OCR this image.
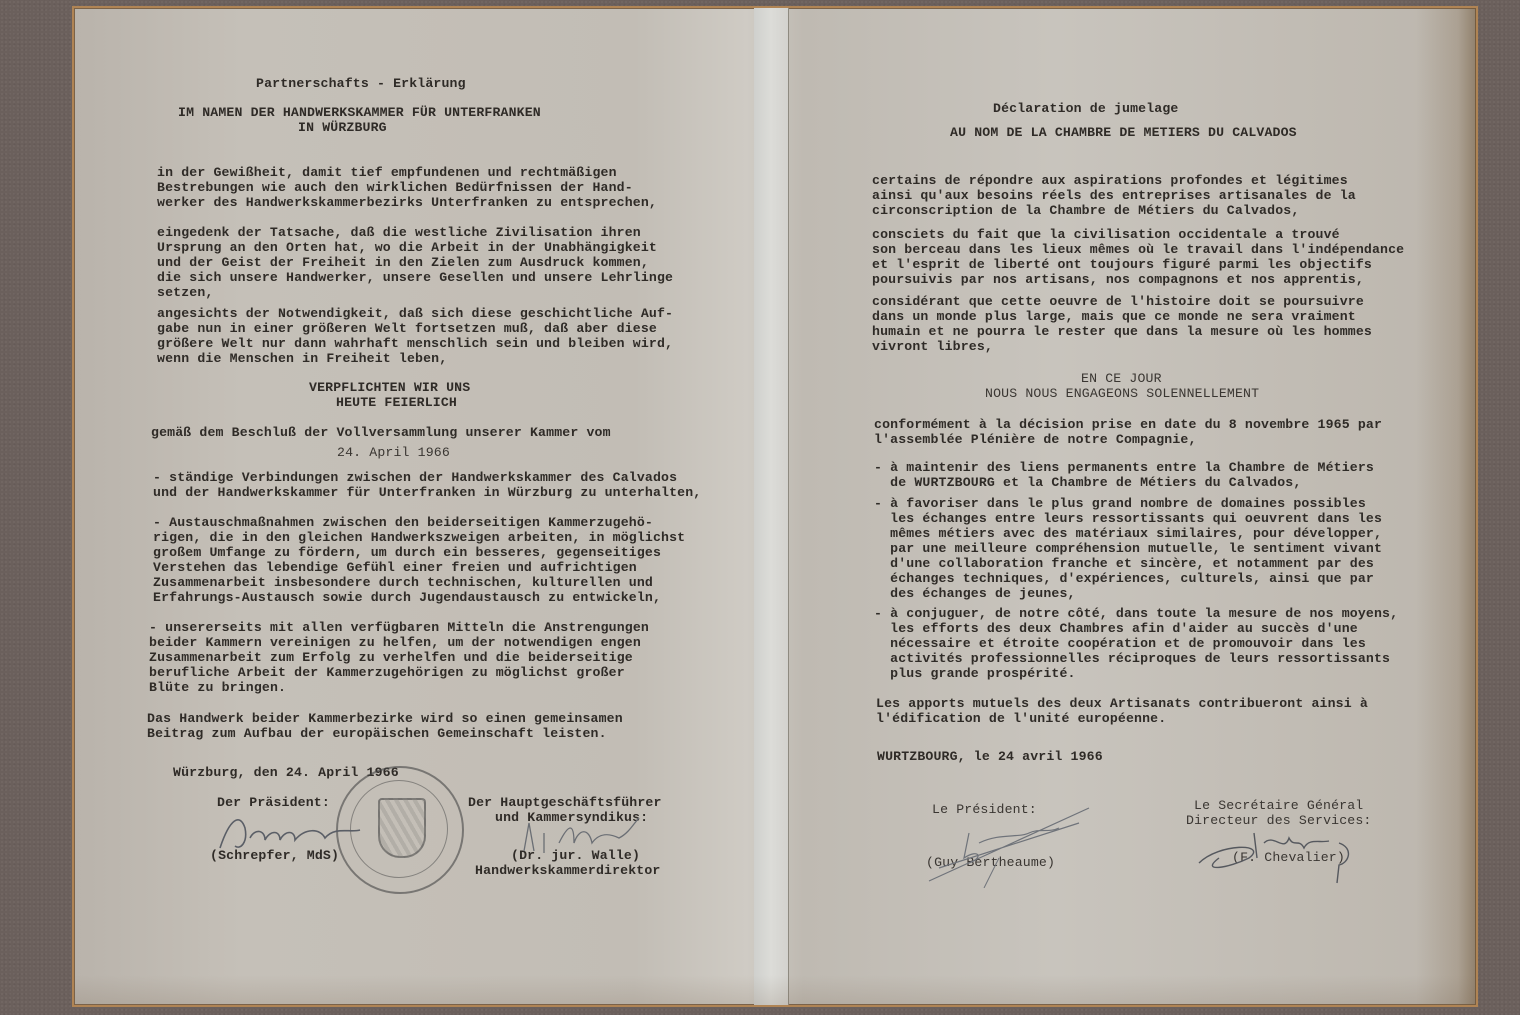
Partnerschafts - Erklärung
IM NAMEN DER HANDWERKSKAMMER FÜR UNTERFRANKEN
IN WÜRZBURG
in der Gewißheit, damit tief empfundenen und rechtmäßigen
Bestrebungen wie auch den wirklichen Bedürfnissen der Hand-
werker des Handwerkskammerbezirks Unterfranken zu entsprechen,
eingedenk der Tatsache, daß die westliche Zivilisation ihren
Ursprung an den Orten hat, wo die Arbeit in der Unabhängigkeit
und der Geist der Freiheit in den Zielen zum Ausdruck kommen,
die sich unsere Handwerker, unsere Gesellen und unsere Lehrlinge
setzen,
angesichts der Notwendigkeit, daß sich diese geschichtliche Auf-
gabe nun in einer größeren Welt fortsetzen muß, daß aber diese
größere Welt nur dann wahrhaft menschlich sein und bleiben wird,
wenn die Menschen in Freiheit leben,
VERPFLICHTEN WIR UNS
HEUTE FEIERLICH
gemäß dem Beschluß der Vollversammlung unserer Kammer vom
24. April 1966
- ständige Verbindungen zwischen der Handwerkskammer des Calvados
und der Handwerkskammer für Unterfranken in Würzburg zu unterhalten,
- Austauschmaßnahmen zwischen den beiderseitigen Kammerzugehö-
rigen, die in den gleichen Handwerkszweigen arbeiten, in möglichst
großem Umfange zu fördern, um durch ein besseres, gegenseitiges
Verstehen das lebendige Gefühl einer freien und aufrichtigen
Zusammenarbeit insbesondere durch technischen, kulturellen und
Erfahrungs-Austausch sowie durch Jugendaustausch zu entwickeln,
- unsererseits mit allen verfügbaren Mitteln die Anstrengungen
beider Kammern vereinigen zu helfen, um der notwendigen engen
Zusammenarbeit zum Erfolg zu verhelfen und die beiderseitige
berufliche Arbeit der Kammerzugehörigen zu möglichst großer
Blüte zu bringen.
Das Handwerk beider Kammerbezirke wird so einen gemeinsamen
Beitrag zum Aufbau der europäischen Gemeinschaft leisten.
Würzburg, den 24. April 1966
Der Präsident:
(Schrepfer, MdS)
Der Hauptgeschäftsführer
und Kammersyndikus:
(Dr. jur. Walle)
Handwerkskammerdirektor
Déclaration de jumelage
AU NOM DE LA CHAMBRE DE METIERS DU CALVADOS
certains de répondre aux aspirations profondes et légitimes
ainsi qu'aux besoins réels des entreprises artisanales de la
circonscription de la Chambre de Métiers du Calvados,
consciets du fait que la civilisation occidentale a trouvé
son berceau dans les lieux mêmes où le travail dans l'indépendance
et l'esprit de liberté ont toujours figuré parmi les objectifs
poursuivis par nos artisans, nos compagnons et nos apprentis,
considérant que cette oeuvre de l'histoire doit se poursuivre
dans un monde plus large, mais que ce monde ne sera vraiment
humain et ne pourra le rester que dans la mesure où les hommes
vivront libres,
EN CE JOUR
NOUS NOUS ENGAGEONS SOLENNELLEMENT
conformément à la décision prise en date du 8 novembre 1965 par
l'assemblée Plénière de notre Compagnie,
- à maintenir des liens permanents entre la Chambre de Métiers
de WURTZBOURG et la Chambre de Métiers du Calvados,
- à favoriser dans le plus grand nombre de domaines possibles
les échanges entre leurs ressortissants qui oeuvrent dans les
mêmes métiers avec des matériaux similaires, pour développer,
par une meilleure compréhension mutuelle, le sentiment vivant
d'une collaboration franche et sincère, et notamment par des
échanges techniques, d'expériences, culturels, ainsi que par
des échanges de jeunes,
- à conjuguer, de notre côté, dans toute la mesure de nos moyens,
les efforts des deux Chambres afin d'aider au succès d'une
nécessaire et étroite coopération et de promouvoir dans les
activités professionnelles réciproques de leurs ressortissants
plus grande prospérité.
Les apports mutuels des deux Artisanats contribueront ainsi à
l'édification de l'unité européenne.
WURTZBOURG, le 24 avril 1966
Le Président:
(Guy Bertheaume)
Le Secrétaire Général
Directeur des Services:
(F. Chevalier)
